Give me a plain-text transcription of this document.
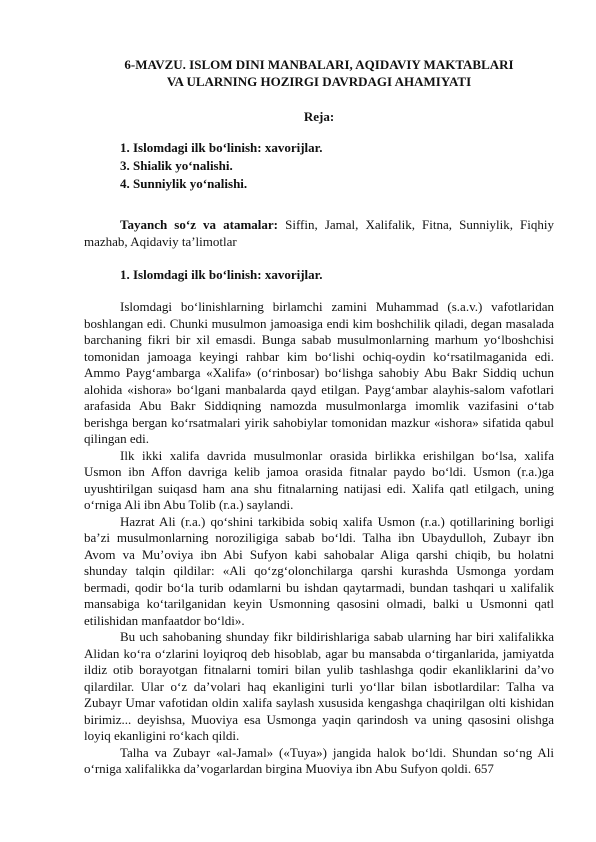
6-MAVZU. ISLOM DINI MANBALARI, AQIDAVIY MAKTABLARI
VA ULARNING HOZIRGI DAVRDAGI AHAMIYATI
Reja:
1. Islomdagi ilk bo‘linish: xavorijlar.
3. Shialik yo‘nalishi.
4. Sunniylik yo‘nalishi.

Tayanch so‘z va atamalar: Siffin, Jamal, Xalifalik, Fitna, Sunniylik, Fiqhiy mazhab, Aqidaviy ta’limotlar

1. Islomdagi ilk bo‘linish: xavorijlar.

Islomdagi bo‘linishlarning birlamchi zamini Muhammad (s.a.v.) vafotlaridan boshlangan edi. Chunki musulmon jamoasiga endi kim boshchilik qiladi, degan masalada barchaning fikri bir xil emasdi. Bunga sabab musulmonlarning marhum yo‘lboshchisi tomonidan jamoaga keyingi rahbar kim bo‘lishi ochiq-oydin ko‘rsatilmaganida edi. Ammo Payg‘ambarga «Xalifa» (o‘rinbosar) bo‘lishga sahobiy Abu Bakr Siddiq uchun alohida «ishora» bo‘lgani manbalarda qayd etilgan. Payg‘ambar alayhis-salom vafotlari arafasida Abu Bakr Siddiqning namozda musulmonlarga imomlik vazifasini o‘tab berishga bergan ko‘rsatmalari yirik sahobiylar tomonidan mazkur «ishora» sifatida qabul qilingan edi.

Ilk ikki xalifa davrida musulmonlar orasida birlikka erishilgan bo‘lsa, xalifa Usmon ibn Affon davriga kelib jamoa orasida fitnalar paydo bo‘ldi. Usmon (r.a.)ga uyushtirilgan suiqasd ham ana shu fitnalarning natijasi edi. Xalifa qatl etilgach, uning o‘rniga Ali ibn Abu Tolib (r.a.) saylandi.

Hazrat Ali (r.a.) qo‘shini tarkibida sobiq xalifa Usmon (r.a.) qotillarining borligi ba’zi musulmonlarning noroziligiga sabab bo‘ldi. Talha ibn Ubaydulloh, Zubayr ibn Avom va Mu’oviya ibn Abi Sufyon kabi sahobalar Aliga qarshi chiqib, bu holatni shunday talqin qildilar: «Ali qo‘zg‘olonchilarga qarshi kurashda Usmonga yordam bermadi, qodir bo‘la turib odamlarni bu ishdan qaytarmadi, bundan tashqari u xalifalik mansabiga ko‘tarilganidan keyin Usmonning qasosini olmadi, balki u Usmonni qatl etilishidan manfaatdor bo‘ldi».

Bu uch sahobaning shunday fikr bildirishlariga sabab ularning har biri xalifalikka Alidan ko‘ra o‘zlarini loyiqroq deb hisoblab, agar bu mansabda o‘tirganlarida, jamiyatda ildiz otib borayotgan fitnalarni tomiri bilan yulib tashlashga qodir ekanliklarini da’vo qilardilar. Ular o‘z da’volari haq ekanligini turli yo‘llar bilan isbotlardilar: Talha va Zubayr Umar vafotidan oldin xalifa saylash xususida kengashga chaqirilgan olti kishidan birimiz... deyishsa, Muoviya esa Usmonga yaqin qarindosh va uning qasosini olishga loyiq ekanligini ro‘kach qildi.

Talha va Zubayr «al-Jamal» («Tuya») jangida halok bo‘ldi. Shundan so‘ng Ali o‘rniga xalifalikka da’vogarlardan birgina Muoviya ibn Abu Sufyon qoldi. 657
